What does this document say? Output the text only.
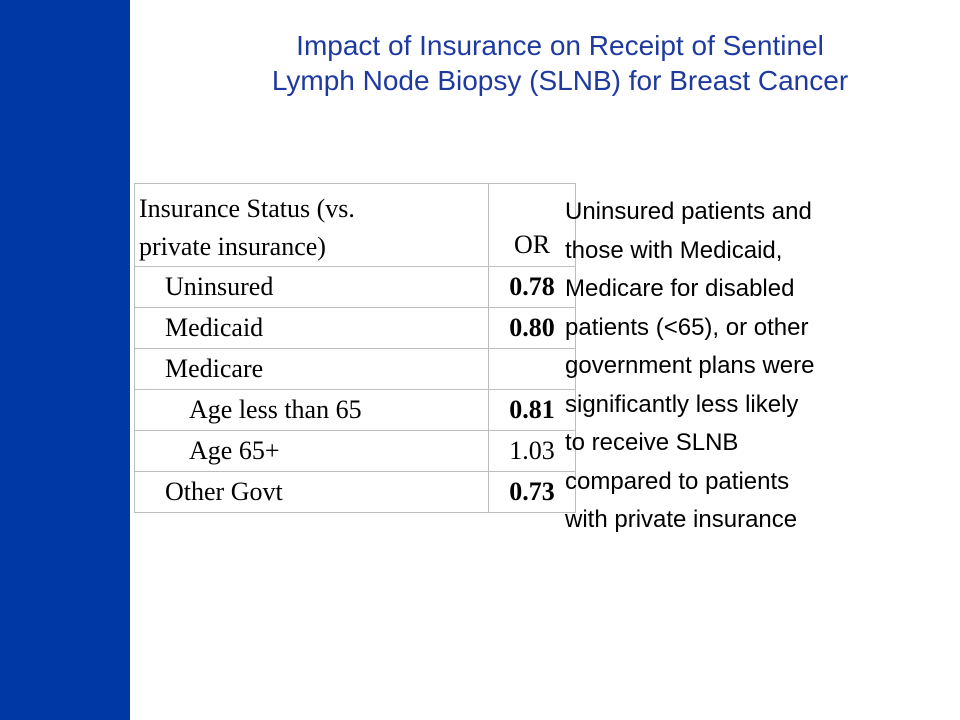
Impact of Insurance on Receipt of Sentinel
Lymph Node Biopsy (SLNB) for Breast Cancer
Insurance Status (vs.
private insurance)	OR
Uninsured	0.78
Medicaid	0.80
Medicare	
Age less than 65	0.81
Age 65+	1.03
Other Govt	0.73
Uninsured patients and
those with Medicaid,
Medicare for disabled
patients (<65), or other
government plans were
significantly less likely
to receive SLNB
compared to patients
with private insurance
